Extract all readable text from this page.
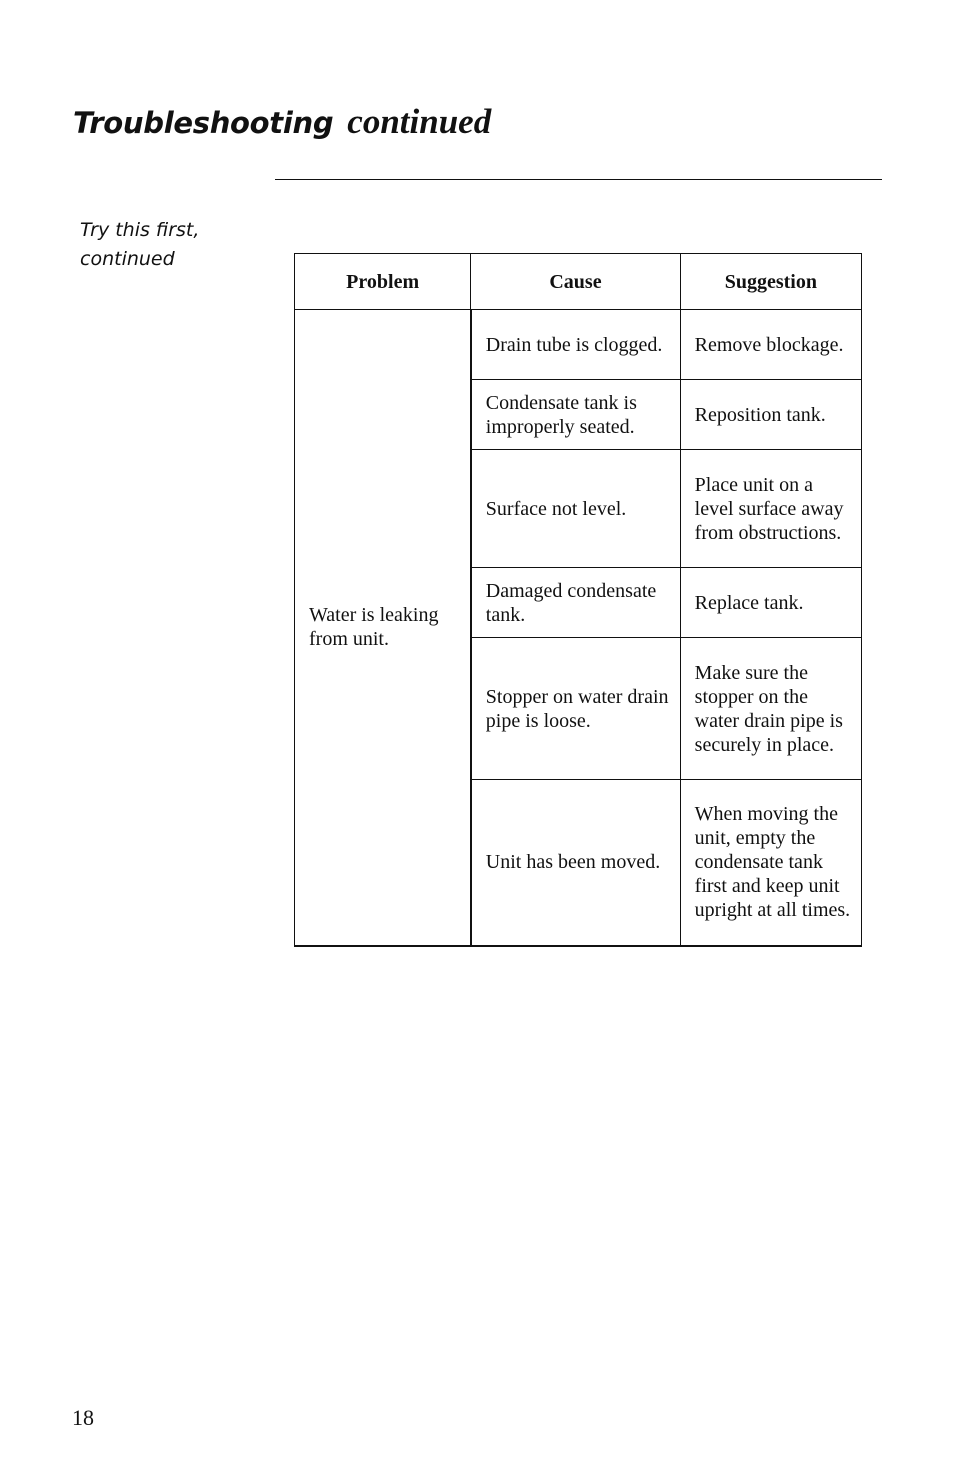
Troubleshooting continued
Try this first,
continued
Problem	Cause	Suggestion
Water is leaking from unit.	Drain tube is clogged.	Remove blockage.
	Condensate tank is improperly seated.	Reposition tank.
	Surface not level.	Place unit on a level surface away from obstructions.
	Damaged condensate tank.	Replace tank.
	Stopper on water drain pipe is loose.	Make sure the stopper on the water drain pipe is securely in place.
	Unit has been moved.	When moving the unit, empty the condensate tank first and keep unit upright at all times.
18
